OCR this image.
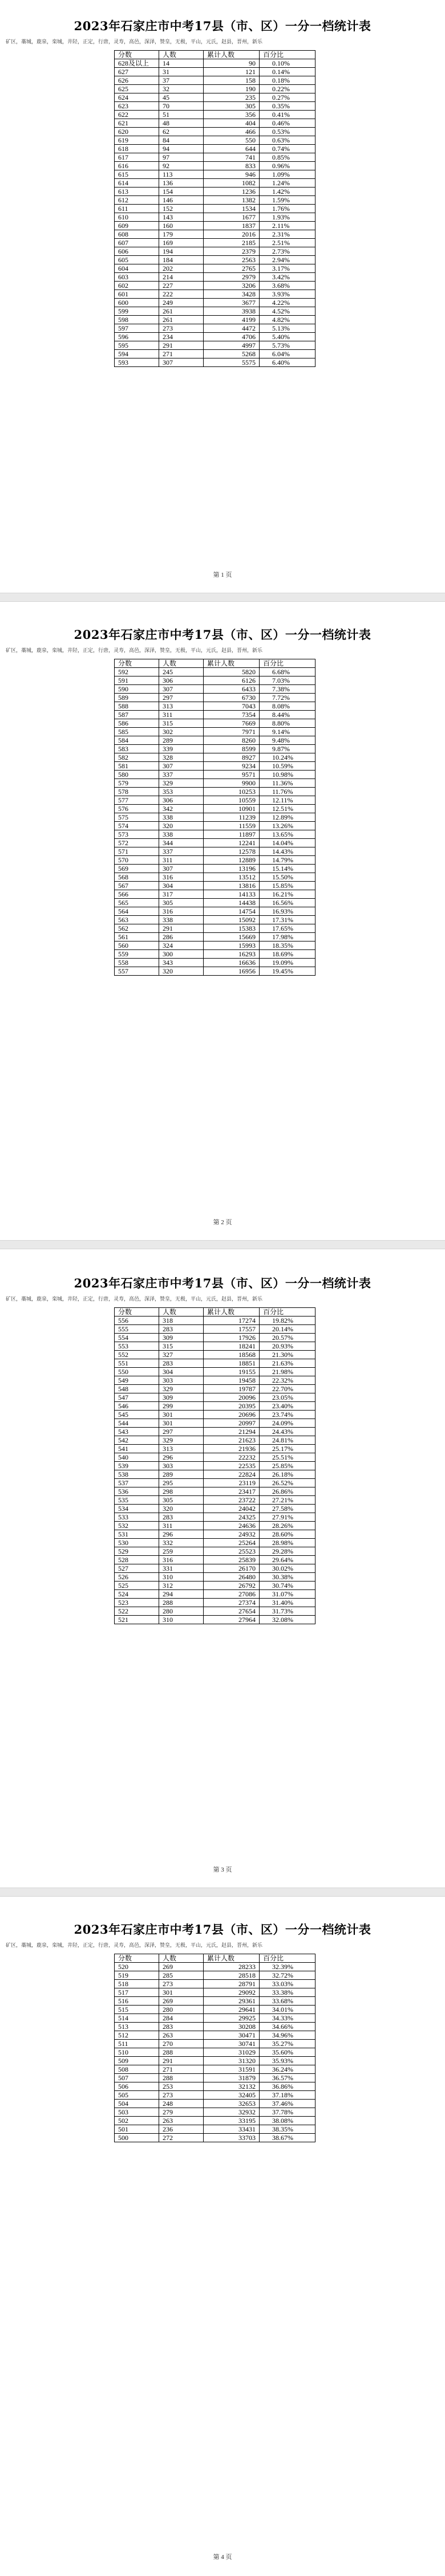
2023年石家庄市中考17县（市、区）一分一档统计表
矿区，藁城，鹿泉，栾城，井陉，正定，行唐，灵寿，高邑，深泽，赞皇，无极，平山，元氏，赵县，晋州，新乐
分数	人数	累计人数	百分比
628及以上	14	90	0.10%
627	31	121	0.14%
626	37	158	0.18%
625	32	190	0.22%
624	45	235	0.27%
623	70	305	0.35%
622	51	356	0.41%
621	48	404	0.46%
620	62	466	0.53%
619	84	550	0.63%
618	94	644	0.74%
617	97	741	0.85%
616	92	833	0.96%
615	113	946	1.09%
614	136	1082	1.24%
613	154	1236	1.42%
612	146	1382	1.59%
611	152	1534	1.76%
610	143	1677	1.93%
609	160	1837	2.11%
608	179	2016	2.31%
607	169	2185	2.51%
606	194	2379	2.73%
605	184	2563	2.94%
604	202	2765	3.17%
603	214	2979	3.42%
602	227	3206	3.68%
601	222	3428	3.93%
600	249	3677	4.22%
599	261	3938	4.52%
598	261	4199	4.82%
597	273	4472	5.13%
596	234	4706	5.40%
595	291	4997	5.73%
594	271	5268	6.04%
593	307	5575	6.40%
第 1 页
2023年石家庄市中考17县（市、区）一分一档统计表
矿区，藁城，鹿泉，栾城，井陉，正定，行唐，灵寿，高邑，深泽，赞皇，无极，平山，元氏，赵县，晋州，新乐
分数	人数	累计人数	百分比
592	245	5820	6.68%
591	306	6126	7.03%
590	307	6433	7.38%
589	297	6730	7.72%
588	313	7043	8.08%
587	311	7354	8.44%
586	315	7669	8.80%
585	302	7971	9.14%
584	289	8260	9.48%
583	339	8599	9.87%
582	328	8927	10.24%
581	307	9234	10.59%
580	337	9571	10.98%
579	329	9900	11.36%
578	353	10253	11.76%
577	306	10559	12.11%
576	342	10901	12.51%
575	338	11239	12.89%
574	320	11559	13.26%
573	338	11897	13.65%
572	344	12241	14.04%
571	337	12578	14.43%
570	311	12889	14.79%
569	307	13196	15.14%
568	316	13512	15.50%
567	304	13816	15.85%
566	317	14133	16.21%
565	305	14438	16.56%
564	316	14754	16.93%
563	338	15092	17.31%
562	291	15383	17.65%
561	286	15669	17.98%
560	324	15993	18.35%
559	300	16293	18.69%
558	343	16636	19.09%
557	320	16956	19.45%
第 2 页
2023年石家庄市中考17县（市、区）一分一档统计表
矿区，藁城，鹿泉，栾城，井陉，正定，行唐，灵寿，高邑，深泽，赞皇，无极，平山，元氏，赵县，晋州，新乐
分数	人数	累计人数	百分比
556	318	17274	19.82%
555	283	17557	20.14%
554	309	17926	20.57%
553	315	18241	20.93%
552	327	18568	21.30%
551	283	18851	21.63%
550	304	19155	21.98%
549	303	19458	22.32%
548	329	19787	22.70%
547	309	20096	23.05%
546	299	20395	23.40%
545	301	20696	23.74%
544	301	20997	24.09%
543	297	21294	24.43%
542	329	21623	24.81%
541	313	21936	25.17%
540	296	22232	25.51%
539	303	22535	25.85%
538	289	22824	26.18%
537	295	23119	26.52%
536	298	23417	26.86%
535	305	23722	27.21%
534	320	24042	27.58%
533	283	24325	27.91%
532	311	24636	28.26%
531	296	24932	28.60%
530	332	25264	28.98%
529	259	25523	29.28%
528	316	25839	29.64%
527	331	26170	30.02%
526	310	26480	30.38%
525	312	26792	30.74%
524	294	27086	31.07%
523	288	27374	31.40%
522	280	27654	31.73%
521	310	27964	32.08%
第 3 页
2023年石家庄市中考17县（市、区）一分一档统计表
矿区，藁城，鹿泉，栾城，井陉，正定，行唐，灵寿，高邑，深泽，赞皇，无极，平山，元氏，赵县，晋州，新乐
分数	人数	累计人数	百分比
520	269	28233	32.39%
519	285	28518	32.72%
518	273	28791	33.03%
517	301	29092	33.38%
516	269	29361	33.68%
515	280	29641	34.01%
514	284	29925	34.33%
513	283	30208	34.66%
512	263	30471	34.96%
511	270	30741	35.27%
510	288	31029	35.60%
509	291	31320	35.93%
508	271	31591	36.24%
507	288	31879	36.57%
506	253	32132	36.86%
505	273	32405	37.18%
504	248	32653	37.46%
503	279	32932	37.78%
502	263	33195	38.08%
501	236	33431	38.35%
500	272	33703	38.67%
第 4 页
